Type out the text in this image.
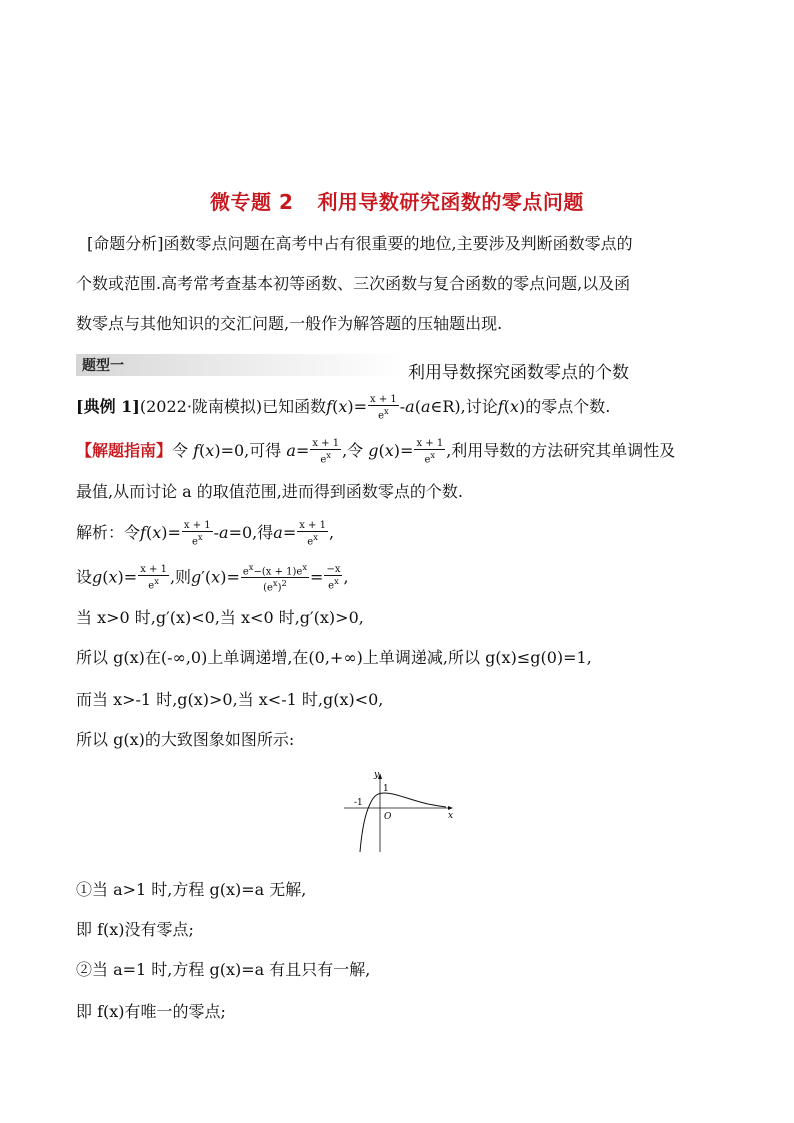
微专题 2 利用导数研究函数的零点问题
[命题分析]函数零点问题在高考中占有很重要的地位,主要涉及判断函数零点的
个数或范围.高考常考查基本初等函数、三次函数与复合函数的零点问题,以及函
数零点与其他知识的交汇问题,一般作为解答题的压轴题出现.
题型一	利用导数探究函数零点的个数
[典例 1](2022·陇南模拟)已知函数$f(x)= \frac{x + 1}{e^x}$ -a(a∈R),讨论f(x)的零点个数.
【解题指南】令 f(x)=0,可得 $a= \frac{x + 1}{e^x}$ ,令 $g(x)= \frac{x + 1}{e^x}$ ,利用导数的方法研究其单调性及
最值,从而讨论 a 的取值范围,进而得到函数零点的个数.
解析：令$f(x)= \frac{x + 1}{e^x} -a=0$,得$a= \frac{x + 1}{e^x}$ ,
设$g(x)= \frac{x + 1}{e^x}$ ,则$g'(x)= \frac{e^x-(x + 1)e^x}{(e^x)^2} = \frac{-x}{e^x}$ ,
当 x>0 时,g′(x)<0,当 x<0 时,g′(x)>0,
所以 g(x)在(-∞,0)上单调递增,在(0,+∞)上单调递减,所以 g(x)≤g(0)=1,
而当 x>-1 时,g(x)>0,当 x<-1 时,g(x)<0,
所以 g(x)的大致图象如图所示:
y
x
O
1
-1
①当 a>1 时,方程 g(x)=a 无解,
即 f(x)没有零点;
②当 a=1 时,方程 g(x)=a 有且只有一解,
即 f(x)有唯一的零点;
